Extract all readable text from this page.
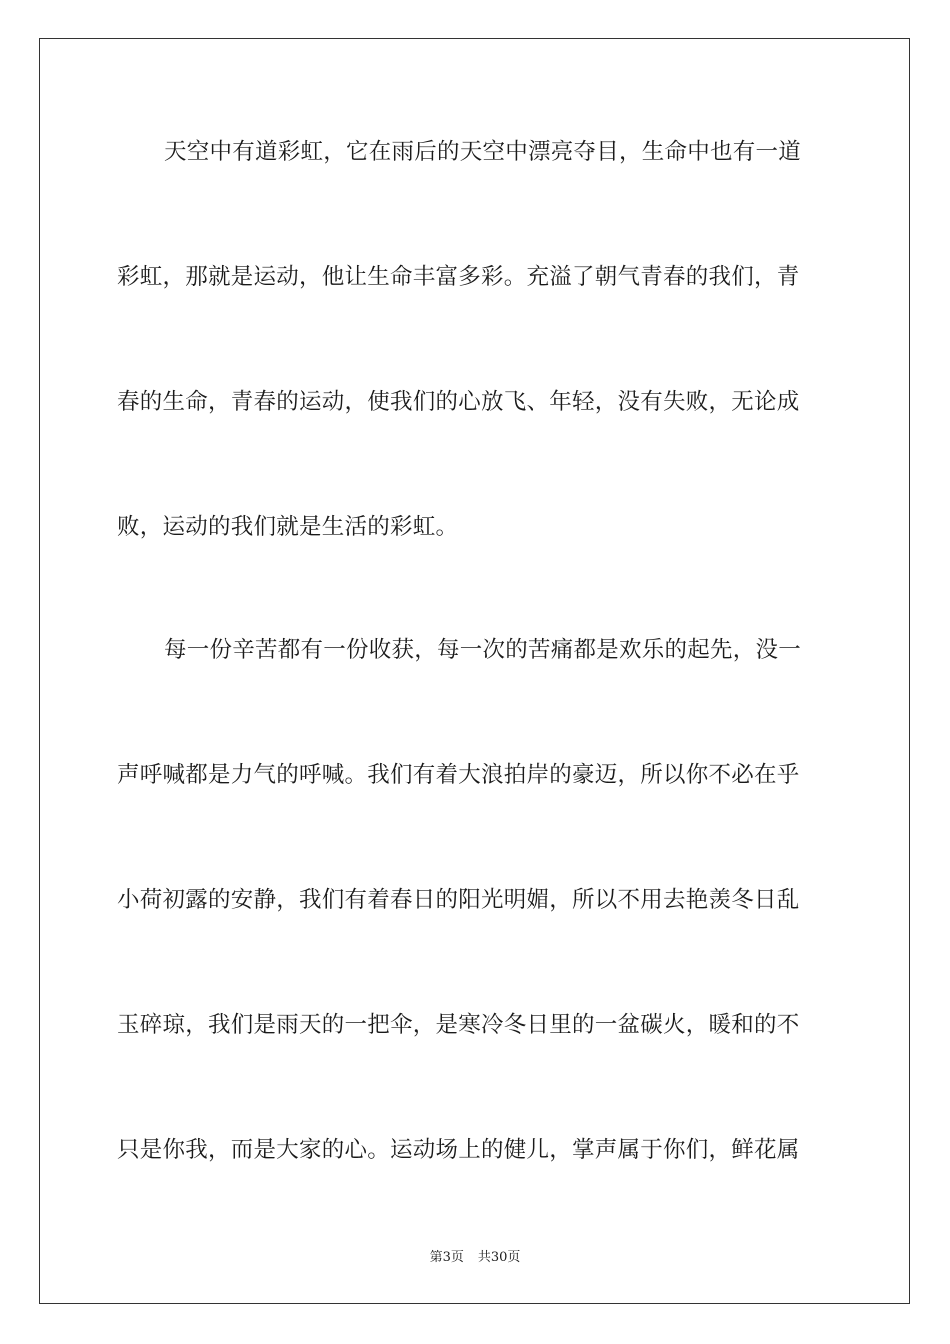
天空中有道彩虹，它在雨后的天空中漂亮夺目，生命中也有一道
彩虹，那就是运动，他让生命丰富多彩。充溢了朝气青春的我们，青
春的生命，青春的运动，使我们的心放飞、年轻，没有失败，无论成
败，运动的我们就是生活的彩虹。
每一份辛苦都有一份收获，每一次的苦痛都是欢乐的起先，没一
声呼喊都是力气的呼喊。我们有着大浪拍岸的豪迈，所以你不必在乎
小荷初露的安静，我们有着春日的阳光明媚，所以不用去艳羡冬日乱
玉碎琼，我们是雨天的一把伞，是寒冷冬日里的一盆碳火，暖和的不
只是你我，而是大家的心。运动场上的健儿，掌声属于你们，鲜花属
第3页 共30页
